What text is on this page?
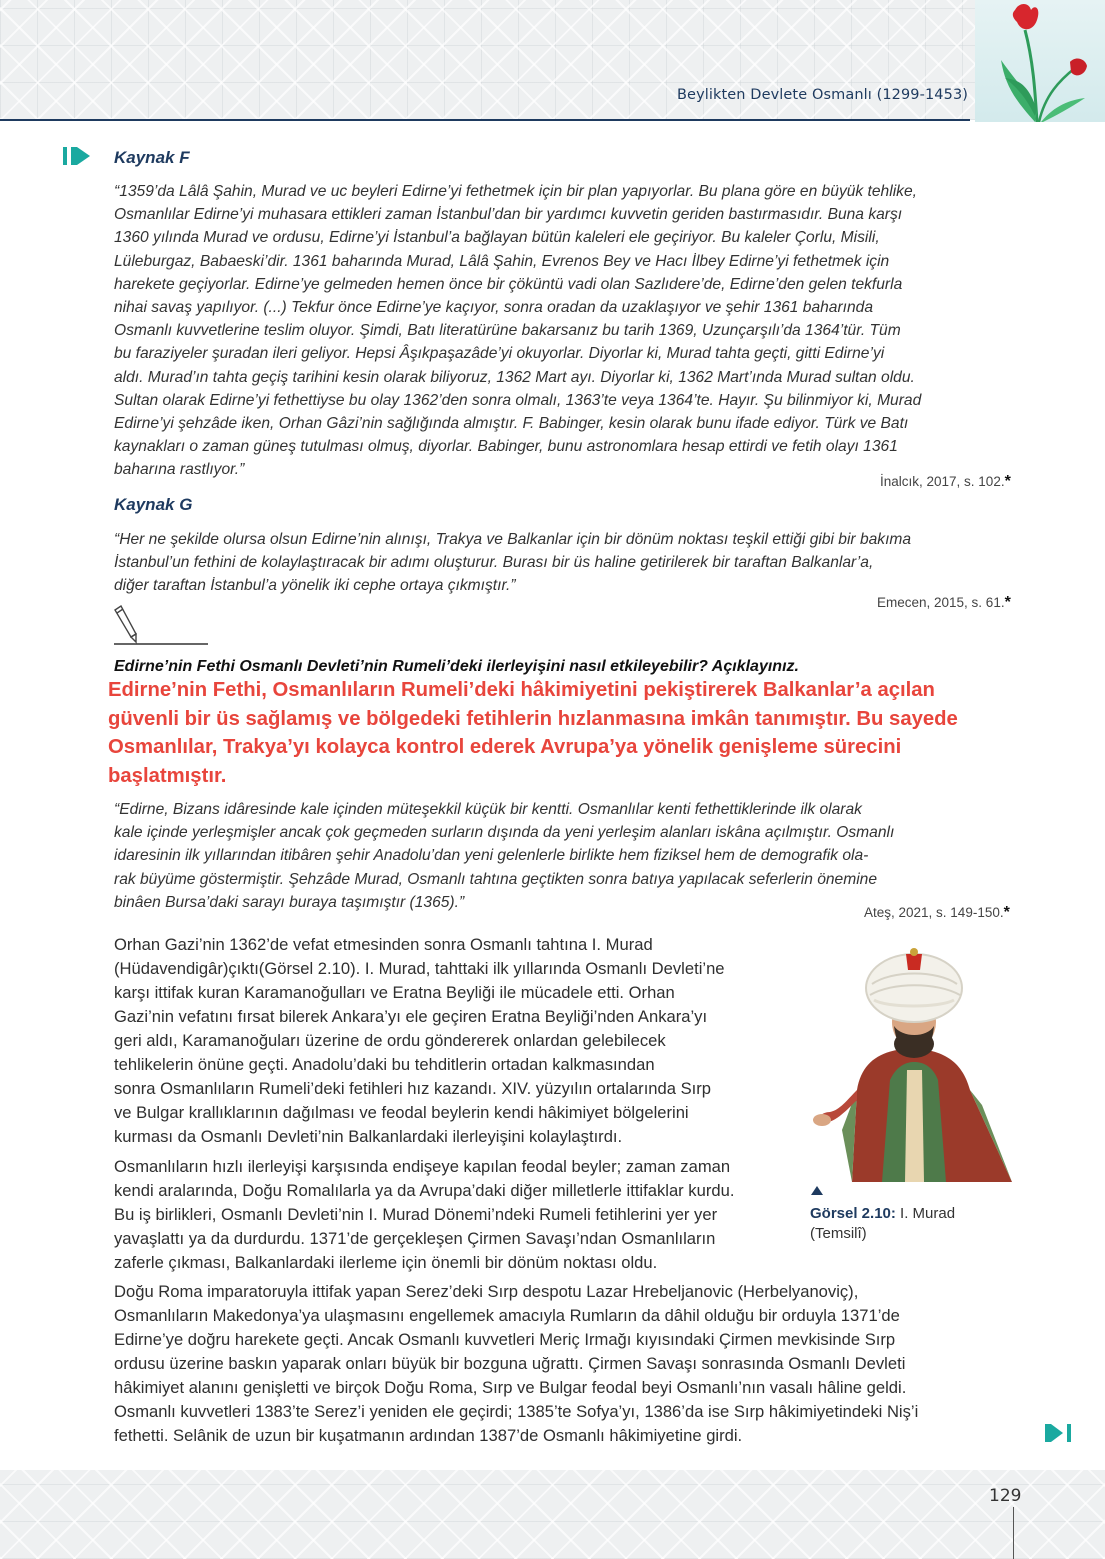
Beylikten Devlete Osmanlı (1299-1453)
Kaynak F

“1359’da Lâlâ Şahin, Murad ve uc beyleri Edirne’yi fethetmek için bir plan yapıyorlar. Bu plana göre en büyük tehlike,
Osmanlılar Edirne’yi muhasara ettikleri zaman İstanbul’dan bir yardımcı kuvvetin geriden bastırmasıdır. Buna karşı
1360 yılında Murad ve ordusu, Edirne’yi İstanbul’a bağlayan bütün kaleleri ele geçiriyor. Bu kaleler Çorlu, Misili,
Lüleburgaz, Babaeski’dir. 1361 baharında Murad, Lâlâ Şahin, Evrenos Bey ve Hacı İlbey Edirne’yi fethetmek için
harekete geçiyorlar. Edirne’ye gelmeden hemen önce bir çöküntü vadi olan Sazlıdere’de, Edirne’den gelen tekfurla
nihai savaş yapılıyor. (...) Tekfur önce Edirne’ye kaçıyor, sonra oradan da uzaklaşıyor ve şehir 1361 baharında
Osmanlı kuvvetlerine teslim oluyor. Şimdi, Batı literatürüne bakarsanız bu tarih 1369, Uzunçarşılı’da 1364’tür. Tüm
bu faraziyeler şuradan ileri geliyor. Hepsi Âşıkpaşazâde’yi okuyorlar. Diyorlar ki, Murad tahta geçti, gitti Edirne’yi
aldı. Murad’ın tahta geçiş tarihini kesin olarak biliyoruz, 1362 Mart ayı. Diyorlar ki, 1362 Mart’ında Murad sultan oldu.
Sultan olarak Edirne’yi fethettiyse bu olay 1362’den sonra olmalı, 1363’te veya 1364’te. Hayır. Şu bilinmiyor ki, Murad
Edirne’yi şehzâde iken, Orhan Gâzi’nin sağlığında almıştır. F. Babinger, kesin olarak bunu ifade ediyor. Türk ve Batı
kaynakları o zaman güneş tutulması olmuş, diyorlar. Babinger, bunu astronomlara hesap ettirdi ve fetih olayı 1361
baharına rastlıyor.”

İnalcık, 2017, s. 102.*
Kaynak G

“Her ne şekilde olursa olsun Edirne’nin alınışı, Trakya ve Balkanlar için bir dönüm noktası teşkil ettiği gibi bir bakıma
İstanbul’un fethini de kolaylaştıracak bir adımı oluşturur. Burası bir üs haline getirilerek bir taraftan Balkanlar’a,
diğer taraftan İstanbul’a yönelik iki cephe ortaya çıkmıştır.”

Emecen, 2015, s. 61.*
Edirne’nin Fethi Osmanlı Devleti’nin Rumeli’deki ilerleyişini nasıl etkileyebilir? Açıklayınız.

Edirne’nin Fethi, Osmanlıların Rumeli’deki hâkimiyetini pekiştirerek Balkanlar’a açılan
güvenli bir üs sağlamış ve bölgedeki fetihlerin hızlanmasına imkân tanımıştır. Bu sayede
Osmanlılar, Trakya’yı kolayca kontrol ederek Avrupa’ya yönelik genişleme sürecini
başlatmıştır.

“Edirne, Bizans idâresinde kale içinden müteşekkil küçük bir kentti. Osmanlılar kenti fethettiklerinde ilk olarak
kale içinde yerleşmişler ancak çok geçmeden surların dışında da yeni yerleşim alanları iskâna açılmıştır. Osmanlı
idaresinin ilk yıllarından itibâren şehir Anadolu’dan yeni gelenlerle birlikte hem fiziksel hem de demografik ola-
rak büyüme göstermiştir. Şehzâde Murad, Osmanlı tahtına geçtikten sonra batıya yapılacak seferlerin önemine
binâen Bursa’daki sarayı buraya taşımıştır (1365).”

Ateş, 2021, s. 149-150.*

Orhan Gazi’nin 1362’de vefat etmesinden sonra Osmanlı tahtına I. Murad
(Hüdavendigâr)çıktı(Görsel 2.10). I. Murad, tahttaki ilk yıllarında Osmanlı Devleti’ne
karşı ittifak kuran Karamanoğulları ve Eratna Beyliği ile mücadele etti. Orhan
Gazi’nin vefatını fırsat bilerek Ankara’yı ele geçiren Eratna Beyliği’nden Ankara’yı
geri aldı, Karamanoğuları üzerine de ordu göndererek onlardan gelebilecek
tehlikelerin önüne geçti. Anadolu’daki bu tehditlerin ortadan kalkmasından
sonra Osmanlıların Rumeli’deki fetihleri hız kazandı. XIV. yüzyılın ortalarında Sırp
ve Bulgar krallıklarının dağılması ve feodal beylerin kendi hâkimiyet bölgelerini
kurması da Osmanlı Devleti’nin Balkanlardaki ilerleyişini kolaylaştırdı.

Osmanlıların hızlı ilerleyişi karşısında endişeye kapılan feodal beyler; zaman zaman
kendi aralarında, Doğu Romalılarla ya da Avrupa’daki diğer milletlerle ittifaklar kurdu.
Bu iş birlikleri, Osmanlı Devleti’nin I. Murad Dönemi’ndeki Rumeli fetihlerini yer yer
yavaşlattı ya da durdurdu. 1371’de gerçekleşen Çirmen Savaşı’ndan Osmanlıların
zaferle çıkması, Balkanlardaki ilerleme için önemli bir dönüm noktası oldu.

Görsel 2.10: I. Murad
(Temsilî)

Doğu Roma imparatoruyla ittifak yapan Serez’deki Sırp despotu Lazar Hrebeljanovic (Herbelyanoviç),
Osmanlıların Makedonya’ya ulaşmasını engellemek amacıyla Rumların da dâhil olduğu bir orduyla 1371’de
Edirne’ye doğru harekete geçti. Ancak Osmanlı kuvvetleri Meriç Irmağı kıyısındaki Çirmen mevkisinde Sırp
ordusu üzerine baskın yaparak onları büyük bir bozguna uğrattı. Çirmen Savaşı sonrasında Osmanlı Devleti
hâkimiyet alanını genişletti ve birçok Doğu Roma, Sırp ve Bulgar feodal beyi Osmanlı’nın vasalı hâline geldi.
Osmanlı kuvvetleri 1383’te Serez’i yeniden ele geçirdi; 1385’te Sofya’yı, 1386’da ise Sırp hâkimiyetindeki Niş’i
fethetti. Selânik de uzun bir kuşatmanın ardından 1387’de Osmanlı hâkimiyetine girdi.

129
